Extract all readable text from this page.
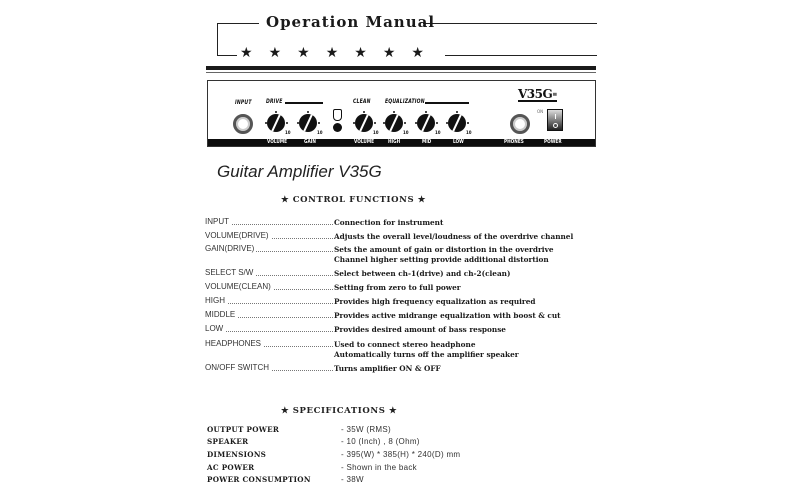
Operation Manual
★ ★ ★ ★ ★ ★ ★
INPUT DRIVE
10	10
CLEAN
10
EQUALIZATION
10	10	10
V35G≡
ON
VOLUME	GAIN	VOLUME	HIGH	MID	LOW	PHONES	POWER
Guitar Amplifier V35G
★ CONTROL FUNCTIONS ★
INPUT	Connection for instrument
VOLUME(DRIVE)	Adjusts the overall level/loudness of the overdrive channel
GAIN(DRIVE)	Sets the amount of gain or distortion in the overdrive
Channel higher setting provide additional distortion
SELECT S/W	Select between ch-1(drive) and ch-2(clean)
VOLUME(CLEAN)	Setting from zero to full power
HIGH	Provides high frequency equalization as required
MIDDLE	Provides active midrange equalization with boost & cut
LOW	Provides desired amount of bass response
HEADPHONES	Used to connect stereo headphone
Automatically turns off the amplifier speaker
ON/OFF SWITCH	Turns amplifier ON & OFF
★ SPECIFICATIONS ★
OUTPUT POWER	- 35W (RMS)
SPEAKER	- 10 (Inch) , 8 (Ohm)
DIMENSIONS	- 395(W) * 385(H) * 240(D) mm
AC POWER	- Shown in the back
POWER CONSUMPTION	- 38W
